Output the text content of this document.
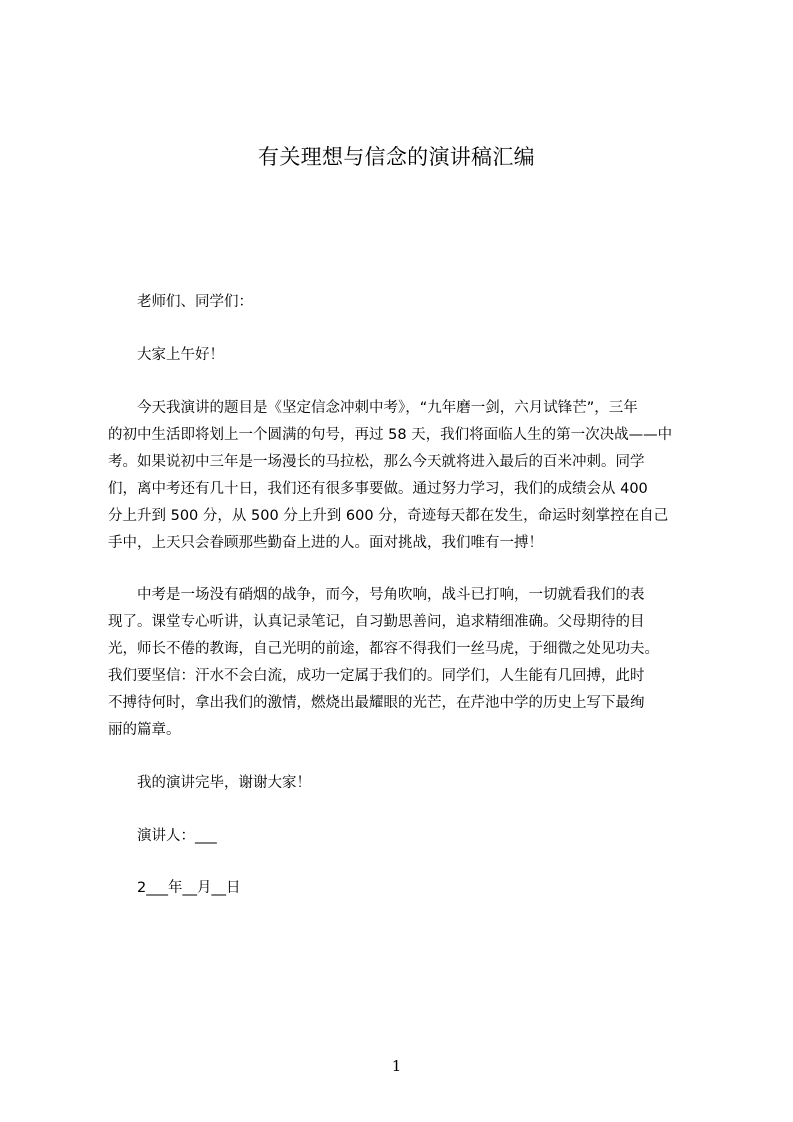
有关理想与信念的演讲稿汇编
老师们、同学们：
大家上午好！
今天我演讲的题目是《坚定信念冲刺中考》，“九年磨一剑，六月试锋芒”，三年
的初中生活即将划上一个圆满的句号，再过 58 天，我们将面临人生的第一次决战——中
考。如果说初中三年是一场漫长的马拉松，那么今天就将进入最后的百米冲刺。同学
们，离中考还有几十日，我们还有很多事要做。通过努力学习，我们的成绩会从 400
分上升到 500 分，从 500 分上升到 600 分，奇迹每天都在发生，命运时刻掌控在自己
手中，上天只会眷顾那些勤奋上进的人。面对挑战，我们唯有一搏！
中考是一场没有硝烟的战争，而今，号角吹响，战斗已打响，一切就看我们的表
现了。课堂专心听讲，认真记录笔记，自习勤思善问，追求精细准确。父母期待的目
光，师长不倦的教诲，自己光明的前途，都容不得我们一丝马虎，于细微之处见功夫。
我们要坚信：汗水不会白流，成功一定属于我们的。同学们，人生能有几回搏，此时
不搏待何时，拿出我们的激情，燃烧出最耀眼的光芒，在芹池中学的历史上写下最绚
丽的篇章。
我的演讲完毕，谢谢大家！
演讲人：___
2___年__月__日
1
